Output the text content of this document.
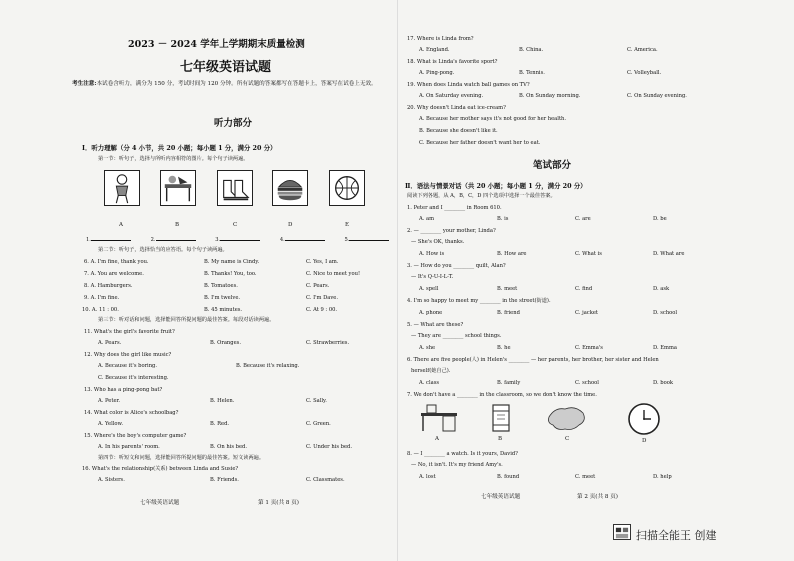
2023 － 2024 学年上学期期末质量检测
七年级英语试题
考生注意:本试卷含听力，满分为 150 分，考试时间为 120 分钟。所有试题的答案都写在答题卡上，答案写在试卷上无效。
听力部分
Ⅰ．听力理解（分 4 小节，共 20 小题；每小题 1 分，满分 20 分）
第一节：听句子，选择与所听内容相符的图片。每个句子读两遍。
A	B	C	D	E
1.	2.	3.	4.	5.
第二节：听句子，选择恰当的应答语。每个句子读两遍。
6. A. I'm fine, thank you.	B. My name is Cindy.	C. Yes, I am.
7. A. You are welcome.	B. Thanks! You, too.	C. Nice to meet you!
8. A. Hamburgers.	B. Tomatoes.	C. Pears.
9. A. I'm fine.	B. I'm twelve.	C. I'm Dave.
10. A. 11 : 00.	B. 45 minutes.	C. At 9 : 00.
第三节：听对话和问题，选择能回答所提问题的最佳答案。每段对话读两遍。
11. What's the girl's favorite fruit?
A. Pears.	B. Oranges.	C. Strawberries.
12. Why does the girl like music?
A. Because it's boring.	B. Because it's relaxing.
C. Because it's interesting.
13. Who has a ping-pong bat?
A. Peter.	B. Helen.	C. Sally.
14. What color is Alice's schoolbag?
A. Yellow.	B. Red.	C. Green.
15. Where's the boy's computer game?
A. In his parents' room.	B. On his bed.	C. Under his bed.
第四节：听短文和问题，选择能回答所提问题的最佳答案。短文读两遍。
16. What's the relationship(关系) between Linda and Susie?
A. Sisters.	B. Friends.	C. Classmates.
七年级英语试题	第 1 页(共 8 页)
17. Where is Linda from?
A. England.	B. China.	C. America.
18. What is Linda's favorite sport?
A. Ping-pong.	B. Tennis.	C. Volleyball.
19. When does Linda watch ball games on TV?
A. On Saturday evening.	B. On Sunday morning.	C. On Sunday evening.
20. Why doesn't Linda eat ice-cream?
A. Because her mother says it's not good for her health.
B. Because she doesn't like it.
C. Because her father doesn't want her to eat.
笔试部分
Ⅱ．语法与情景对话（共 20 小题；每小题 1 分，满分 20 分）
阅读下列各题，从 A，B，C，D 四个选项中选择一个最佳答案。
1. Peter and I ________ in Room 610.
A. am	B. is	C. are	D. be
2. — ________ your mother, Linda?
— She's OK, thanks.
A. How is	B. How are	C. What is	D. What are
3. — How do you ________ quilt, Alan?
— It's Q-U-I-L-T.
A. spell	B. meet	C. find	D. ask
4. I'm so happy to meet my ________ in the street(街道).
A. phone	B. friend	C. jacket	D. school
5. — What are these?
— They are ________ school things.
A. she	B. he	C. Emma's	D. Emma
6. There are five people(人) in Helen's ________ — her parents, her brother, her sister and Helen
herself(她自己).
A. class	B. family	C. school	D. book
7. We don't have a ________ in the classroom, so we don't know the time.
A	B	C	D
8. — I ________ a watch. Is it yours, David?
— No, it isn't. It's my friend Amy's.
A. lost	B. found	C. meet	D. help
七年级英语试题	第 2 页(共 8 页)
扫描全能王 创建
